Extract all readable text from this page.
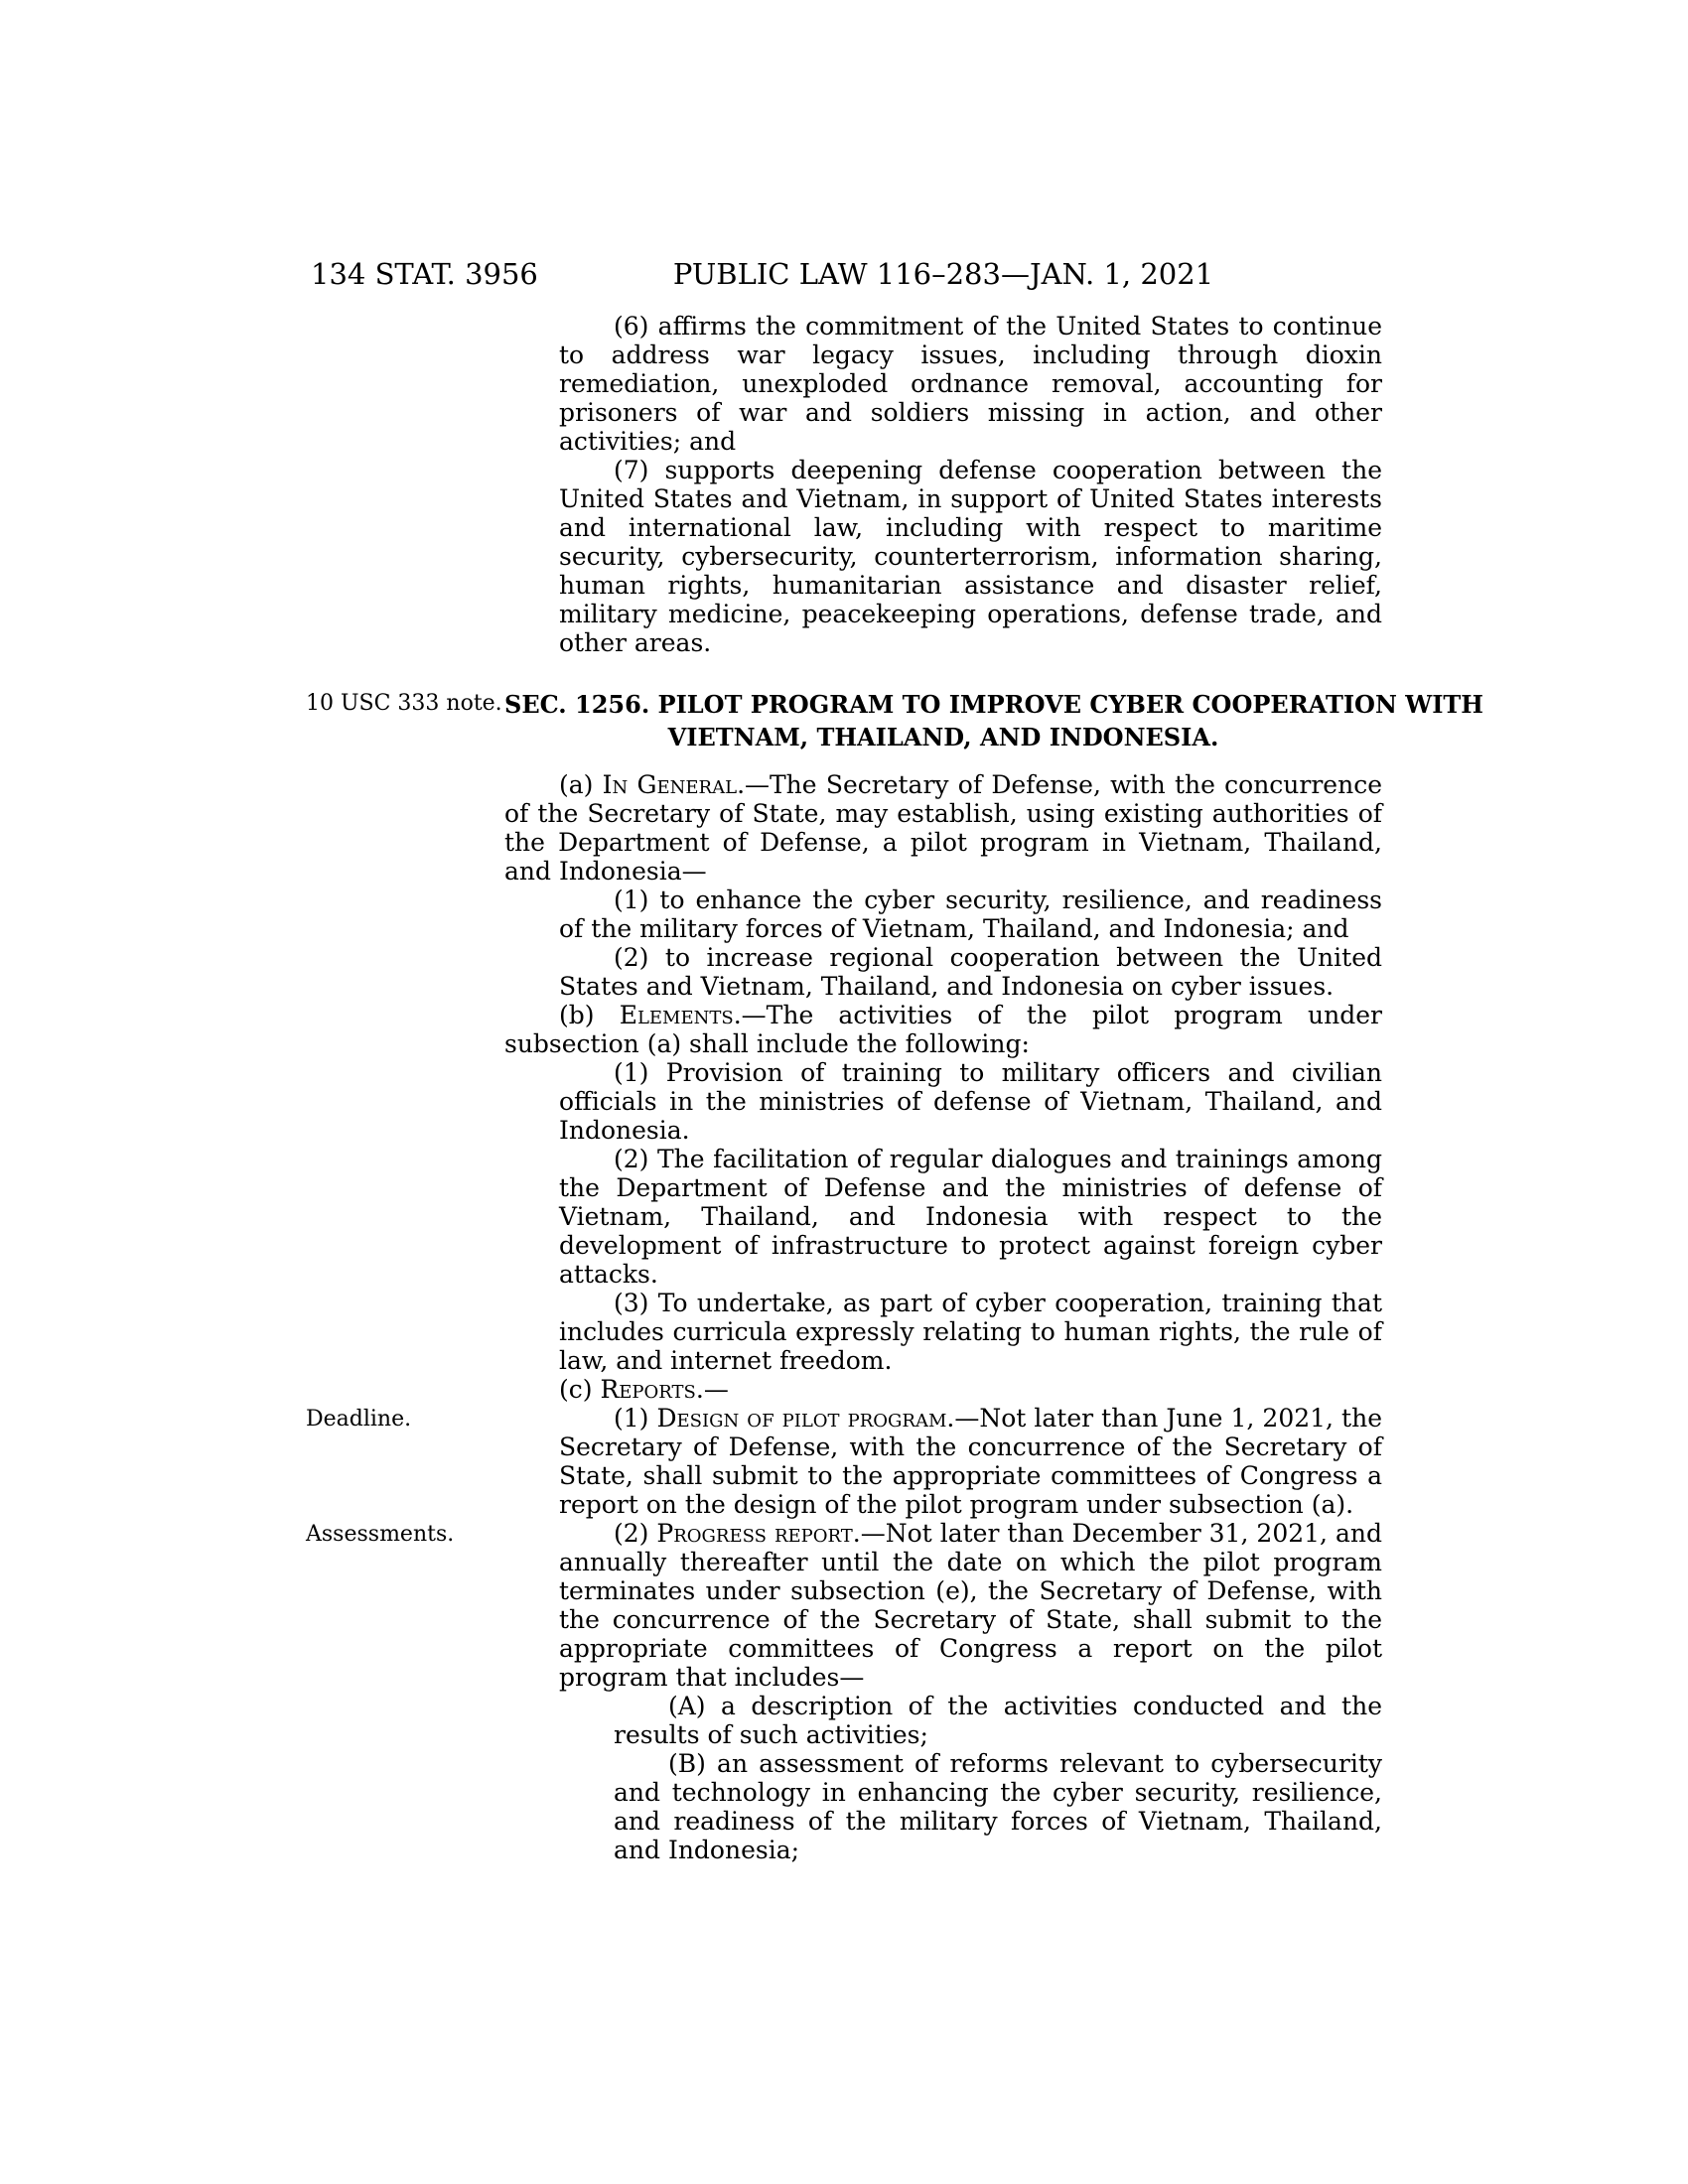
134 STAT. 3956	PUBLIC LAW 116–283—JAN. 1, 2021

(6) affirms the commitment of the United States to continue to address war legacy issues, including through dioxin remediation, unexploded ordnance removal, accounting for prisoners of war and soldiers missing in action, and other activities; and

(7) supports deepening defense cooperation between the United States and Vietnam, in support of United States interests and international law, including with respect to maritime security, cybersecurity, counterterrorism, information sharing, human rights, humanitarian assistance and disaster relief, military medicine, peacekeeping operations, defense trade, and other areas.

SEC. 1256. PILOT PROGRAM TO IMPROVE CYBER COOPERATION WITH
VIETNAM, THAILAND, AND INDONESIA.
10 USC 333 note.

(a) In General.—The Secretary of Defense, with the concurrence of the Secretary of State, may establish, using existing authorities of the Department of Defense, a pilot program in Vietnam, Thailand, and Indonesia—

(1) to enhance the cyber security, resilience, and readiness of the military forces of Vietnam, Thailand, and Indonesia; and

(2) to increase regional cooperation between the United States and Vietnam, Thailand, and Indonesia on cyber issues.

(b) Elements.—The activities of the pilot program under subsection (a) shall include the following:

(1) Provision of training to military officers and civilian officials in the ministries of defense of Vietnam, Thailand, and Indonesia.

(2) The facilitation of regular dialogues and trainings among the Department of Defense and the ministries of defense of Vietnam, Thailand, and Indonesia with respect to the development of infrastructure to protect against foreign cyber attacks.

(3) To undertake, as part of cyber cooperation, training that includes curricula expressly relating to human rights, the rule of law, and internet freedom.

(c) Reports.—

(1) Design of pilot program.—Not later than June 1, 2021, the Secretary of Defense, with the concurrence of the Secretary of State, shall submit to the appropriate committees of Congress a report on the design of the pilot program under subsection (a).
Deadline.

(2) Progress report.—Not later than December 31, 2021, and annually thereafter until the date on which the pilot program terminates under subsection (e), the Secretary of Defense, with the concurrence of the Secretary of State, shall submit to the appropriate committees of Congress a report on the pilot program that includes—
Assessments.

(A) a description of the activities conducted and the results of such activities;

(B) an assessment of reforms relevant to cybersecurity and technology in enhancing the cyber security, resilience, and readiness of the military forces of Vietnam, Thailand, and Indonesia;
